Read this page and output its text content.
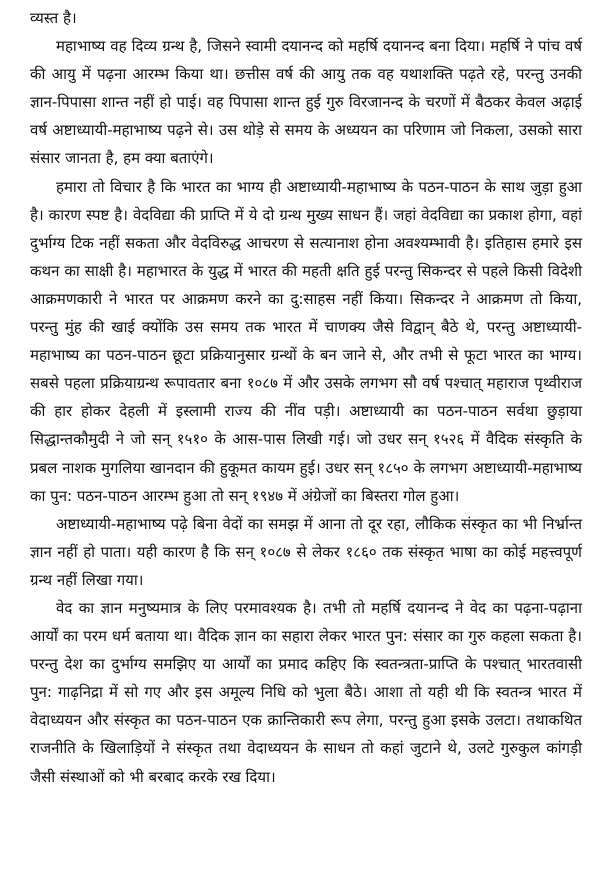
व्यस्त है।

महाभाष्य वह दिव्य ग्रन्थ है, जिसने स्वामी दयानन्द को महर्षि दयानन्द बना दिया। महर्षि ने पांच वर्ष की आयु में पढ़ना आरम्भ किया था। छत्तीस वर्ष की आयु तक वह यथाशक्ति पढ़ते रहे, परन्तु उनकी ज्ञान-पिपासा शान्त नहीं हो पाई। वह पिपासा शान्त हुई गुरु विरजानन्द के चरणों में बैठकर केवल अढ़ाई वर्ष अष्टाध्यायी-महाभाष्य पढ़ने से। उस थोड़े से समय के अध्ययन का परिणाम जो निकला, उसको सारा संसार जानता है, हम क्या बताएंगे।

हमारा तो विचार है कि भारत का भाग्य ही अष्टाध्यायी-महाभाष्य के पठन-पाठन के साथ जुड़ा हुआ है। कारण स्पष्ट है। वेदविद्या की प्राप्ति में ये दो ग्रन्थ मुख्य साधन हैं। जहां वेदविद्या का प्रकाश होगा, वहां दुर्भाग्य टिक नहीं सकता और वेदविरुद्ध आचरण से सत्यानाश होना अवश्यम्भावी है। इतिहास हमारे इस कथन का साक्षी है। महाभारत के युद्ध में भारत की महती क्षति हुई परन्तु सिकन्दर से पहले किसी विदेशी आक्रमणकारी ने भारत पर आक्रमण करने का दु:साहस नहीं किया। सिकन्दर ने आक्रमण तो किया, परन्तु मुंह की खाई क्योंकि उस समय तक भारत में चाणक्य जैसे विद्वान् बैठे थे, परन्तु अष्टाध्यायी-महाभाष्य का पठन-पाठन छूटा प्रक्रियानुसार ग्रन्थों के बन जाने से, और तभी से फूटा भारत का भाग्य। सबसे पहला प्रक्रियाग्रन्थ रूपावतार बना १०८७ में और उसके लगभग सौ वर्ष पश्चात् महाराज पृथ्वीराज की हार होकर देहली में इस्लामी राज्य की नींव पड़ी। अष्टाध्यायी का पठन-पाठन सर्वथा छुड़ाया सिद्धान्तकौमुदी ने जो सन् १५१० के आस-पास लिखी गई। जो उधर सन् १५२६ में वैदिक संस्कृति के प्रबल नाशक मुगलिया खानदान की हुकूमत कायम हुई। उधर सन् १८५० के लगभग अष्टाध्यायी-महाभाष्य का पुन: पठन-पाठन आरम्भ हुआ तो सन् १९४७ में अंग्रेजों का बिस्तरा गोल हुआ।

अष्टाध्यायी-महाभाष्य पढ़े बिना वेदों का समझ में आना तो दूर रहा, लौकिक संस्कृत का भी निर्भ्रान्त ज्ञान नहीं हो पाता। यही कारण है कि सन् १०८७ से लेकर १८६० तक संस्कृत भाषा का कोई महत्त्वपूर्ण ग्रन्थ नहीं लिखा गया।

वेद का ज्ञान मनुष्यमात्र के लिए परमावश्यक है। तभी तो महर्षि दयानन्द ने वेद का पढ़ना-पढ़ाना आर्यों का परम धर्म बताया था। वैदिक ज्ञान का सहारा लेकर भारत पुन: संसार का गुरु कहला सकता है। परन्तु देश का दुर्भाग्य समझिए या आर्यों का प्रमाद कहिए कि स्वतन्त्रता-प्राप्ति के पश्चात् भारतवासी पुन: गाढ़निद्रा में सो गए और इस अमूल्य निधि को भुला बैठे। आशा तो यही थी कि स्वतन्त्र भारत में वेदाध्ययन और संस्कृत का पठन-पाठन एक क्रान्तिकारी रूप लेगा, परन्तु हुआ इसके उलटा। तथाकथित राजनीति के खिलाड़ियों ने संस्कृत तथा वेदाध्ययन के साधन तो कहां जुटाने थे, उलटे गुरुकुल कांगड़ी जैसी संस्थाओं को भी बरबाद करके रख दिया।
